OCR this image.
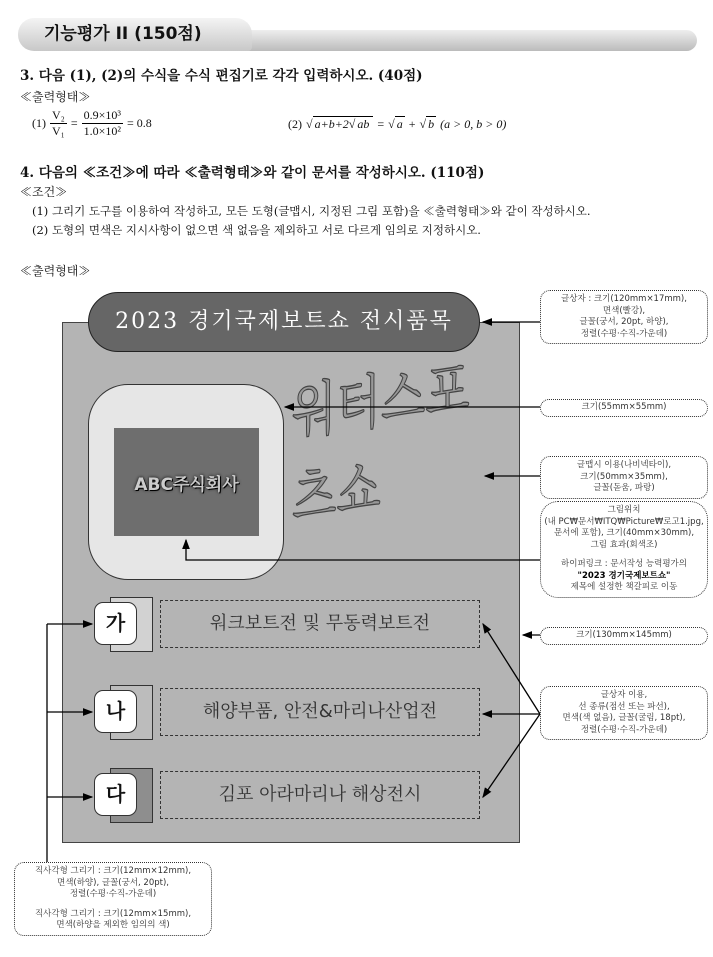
기능평가 II (150점)
3. 다음 (1), (2)의 수식을 수식 편집기로 각각 입력하시오. (40점)
≪출력형태≫
$(1) \frac{\text{V₂}}{\text{V₁}} = \frac{\text{0.9×10³}}{\text{1.0×10²}} = 0.8$	(2) √ a+b+2√ ab = √ a + √ b (a > 0, b > 0)
4. 다음의 ≪조건≫에 따라 ≪출력형태≫와 같이 문서를 작성하시오. (110점)
≪조건≫
(1) 그리기 도구를 이용하여 작성하고, 모든 도형(글맵시, 지정된 그림 포함)을 ≪출력형태≫와 같이 작성하시오.
(2) 도형의 면색은 지시사항이 없으면 색 없음을 제외하고 서로 다르게 임의로 지정하시오.
≪출력형태≫
2023 경기국제보트쇼 전시품목
ABC주식회사
워터스포츠쇼
가	워크보트전 및 무동력보트전
나	해양부품, 안전&마리나산업전
다	김포 아라마리나 해상전시
글상자 : 크기(120mm×17mm),
면색(빨강),
글꼴(궁서, 20pt, 하양),
정렬(수평·수직-가운데)
크기(55mm×55mm)
글맵시 이용(나비넥타이),
크기(50mm×35mm),
글꼴(돋움, 파랑)
그림위치
(내 PC₩문서₩ITQ₩Picture₩로고1.jpg,
문서에 포함), 크기(40mm×30mm),
그림 효과(회색조)
하이퍼링크 : 문서작성 능력평가의
"2023 경기국제보트쇼"
제목에 설정한 책갈피로 이동
크기(130mm×145mm)
글상자 이용,
선 종류(점선 또는 파선),
면색(색 없음), 글꼴(굴림, 18pt),
정렬(수평·수직-가운데)
직사각형 그리기 : 크기(12mm×12mm),
면색(하양), 글꼴(궁서, 20pt),
정렬(수평·수직-가운데)
직사각형 그리기 : 크기(12mm×15mm),
면색(하양을 제외한 임의의 색)
